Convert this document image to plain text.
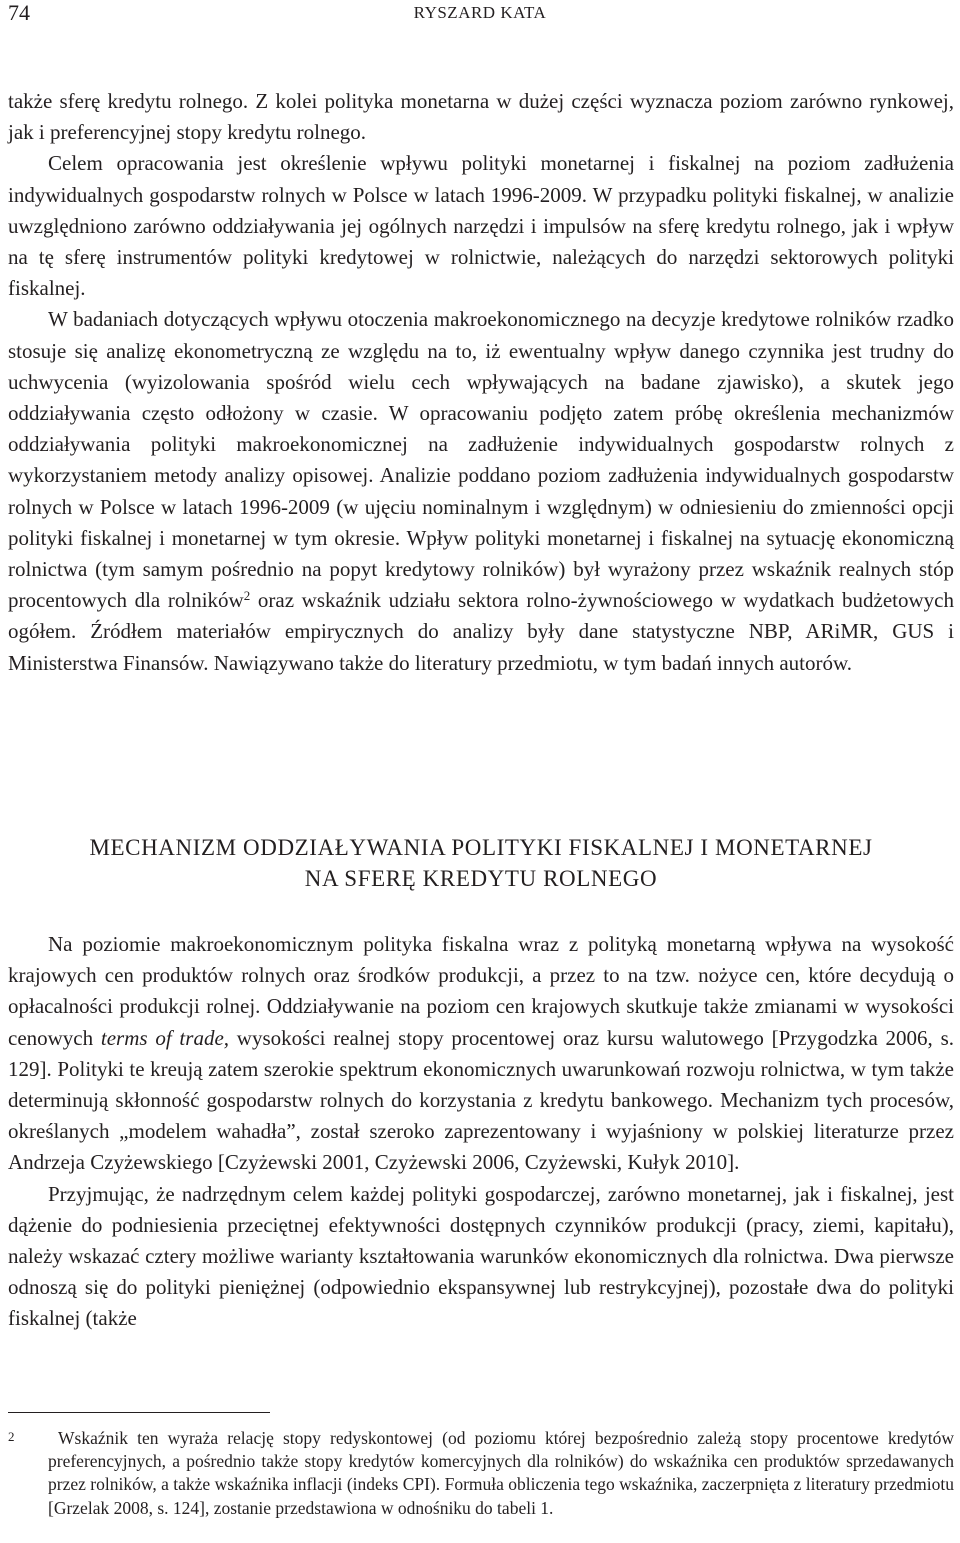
74	RYSZARD KATA

także sferę kredytu rolnego. Z kolei polityka monetarna w dużej części wyznacza poziom zarówno rynkowej, jak i preferencyjnej stopy kredytu rolnego.

Celem opracowania jest określenie wpływu polityki monetarnej i fiskalnej na poziom zadłużenia indywidualnych gospodarstw rolnych w Polsce w latach 1996-2009. W przypadku polityki fiskalnej, w analizie uwzględniono zarówno oddziaływania jej ogólnych narzędzi i impulsów na sferę kredytu rolnego, jak i wpływ na tę sferę instrumentów polityki kredytowej w rolnictwie, należących do narzędzi sektorowych polityki fiskalnej.

W badaniach dotyczących wpływu otoczenia makroekonomicznego na decyzje kredytowe rolników rzadko stosuje się analizę ekonometryczną ze względu na to, iż ewentualny wpływ danego czynnika jest trudny do uchwycenia (wyizolowania spośród wielu cech wpływających na badane zjawisko), a skutek jego oddziaływania często odłożony w czasie. W opracowaniu podjęto zatem próbę określenia mechanizmów oddziaływania polityki makroekonomicznej na zadłużenie indywidualnych gospodarstw rolnych z wykorzystaniem metody analizy opisowej. Analizie poddano poziom zadłużenia indywidualnych gospodarstw rolnych w Polsce w latach 1996-2009 (w ujęciu nominalnym i względnym) w odniesieniu do zmienności opcji polityki fiskalnej i monetarnej w tym okresie. Wpływ polityki monetarnej i fiskalnej na sytuację ekonomiczną rolnictwa (tym samym pośrednio na popyt kredytowy rolników) był wyrażony przez wskaźnik realnych stóp procentowych dla rolników$^2$ oraz wskaźnik udziału sektora rolno-żywnościowego w wydatkach budżetowych ogółem. Źródłem materiałów empirycznych do analizy były dane statystyczne NBP, ARiMR, GUS i Ministerstwa Finansów. Nawiązywano także do literatury przedmiotu, w tym badań innych autorów.

MECHANIZM ODDZIAŁYWANIA POLITYKI FISKALNEJ I MONETARNEJ
NA SFERĘ KREDYTU ROLNEGO

Na poziomie makroekonomicznym polityka fiskalna wraz z polityką monetarną wpływa na wysokość krajowych cen produktów rolnych oraz środków produkcji, a przez to na tzw. nożyce cen, które decydują o opłacalności produkcji rolnej. Oddziaływanie na poziom cen krajowych skutkuje także zmianami w wysokości cenowych terms of trade, wysokości realnej stopy procentowej oraz kursu walutowego [Przygodzka 2006, s. 129]. Polityki te kreują zatem szerokie spektrum ekonomicznych uwarunkowań rozwoju rolnictwa, w tym także determinują skłonność gospodarstw rolnych do korzystania z kredytu bankowego. Mechanizm tych procesów, określanych „modelem wahadła”, został szeroko zaprezentowany i wyjaśniony w polskiej literaturze przez Andrzeja Czyżewskiego [Czyżewski 2001, Czyżewski 2006, Czyżewski, Kułyk 2010].

Przyjmując, że nadrzędnym celem każdej polityki gospodarczej, zarówno monetarnej, jak i fiskalnej, jest dążenie do podniesienia przeciętnej efektywności dostępnych czynników produkcji (pracy, ziemi, kapitału), należy wskazać cztery możliwe warianty kształtowania warunków ekonomicznych dla rolnictwa. Dwa pierwsze odnoszą się do polityki pieniężnej (odpowiednio ekspansywnej lub restrykcyjnej), pozostałe dwa do polityki fiskalnej (także

2	Wskaźnik ten wyraża relację stopy redyskontowej (od poziomu której bezpośrednio zależą stopy procentowe kredytów preferencyjnych, a pośrednio także stopy kredytów komercyjnych dla rolników) do wskaźnika cen produktów sprzedawanych przez rolników, a także wskaźnika inflacji (indeks CPI). Formuła obliczenia tego wskaźnika, zaczerpnięta z literatury przedmiotu [Grzelak 2008, s. 124], zostanie przedstawiona w odnośniku do tabeli 1.
